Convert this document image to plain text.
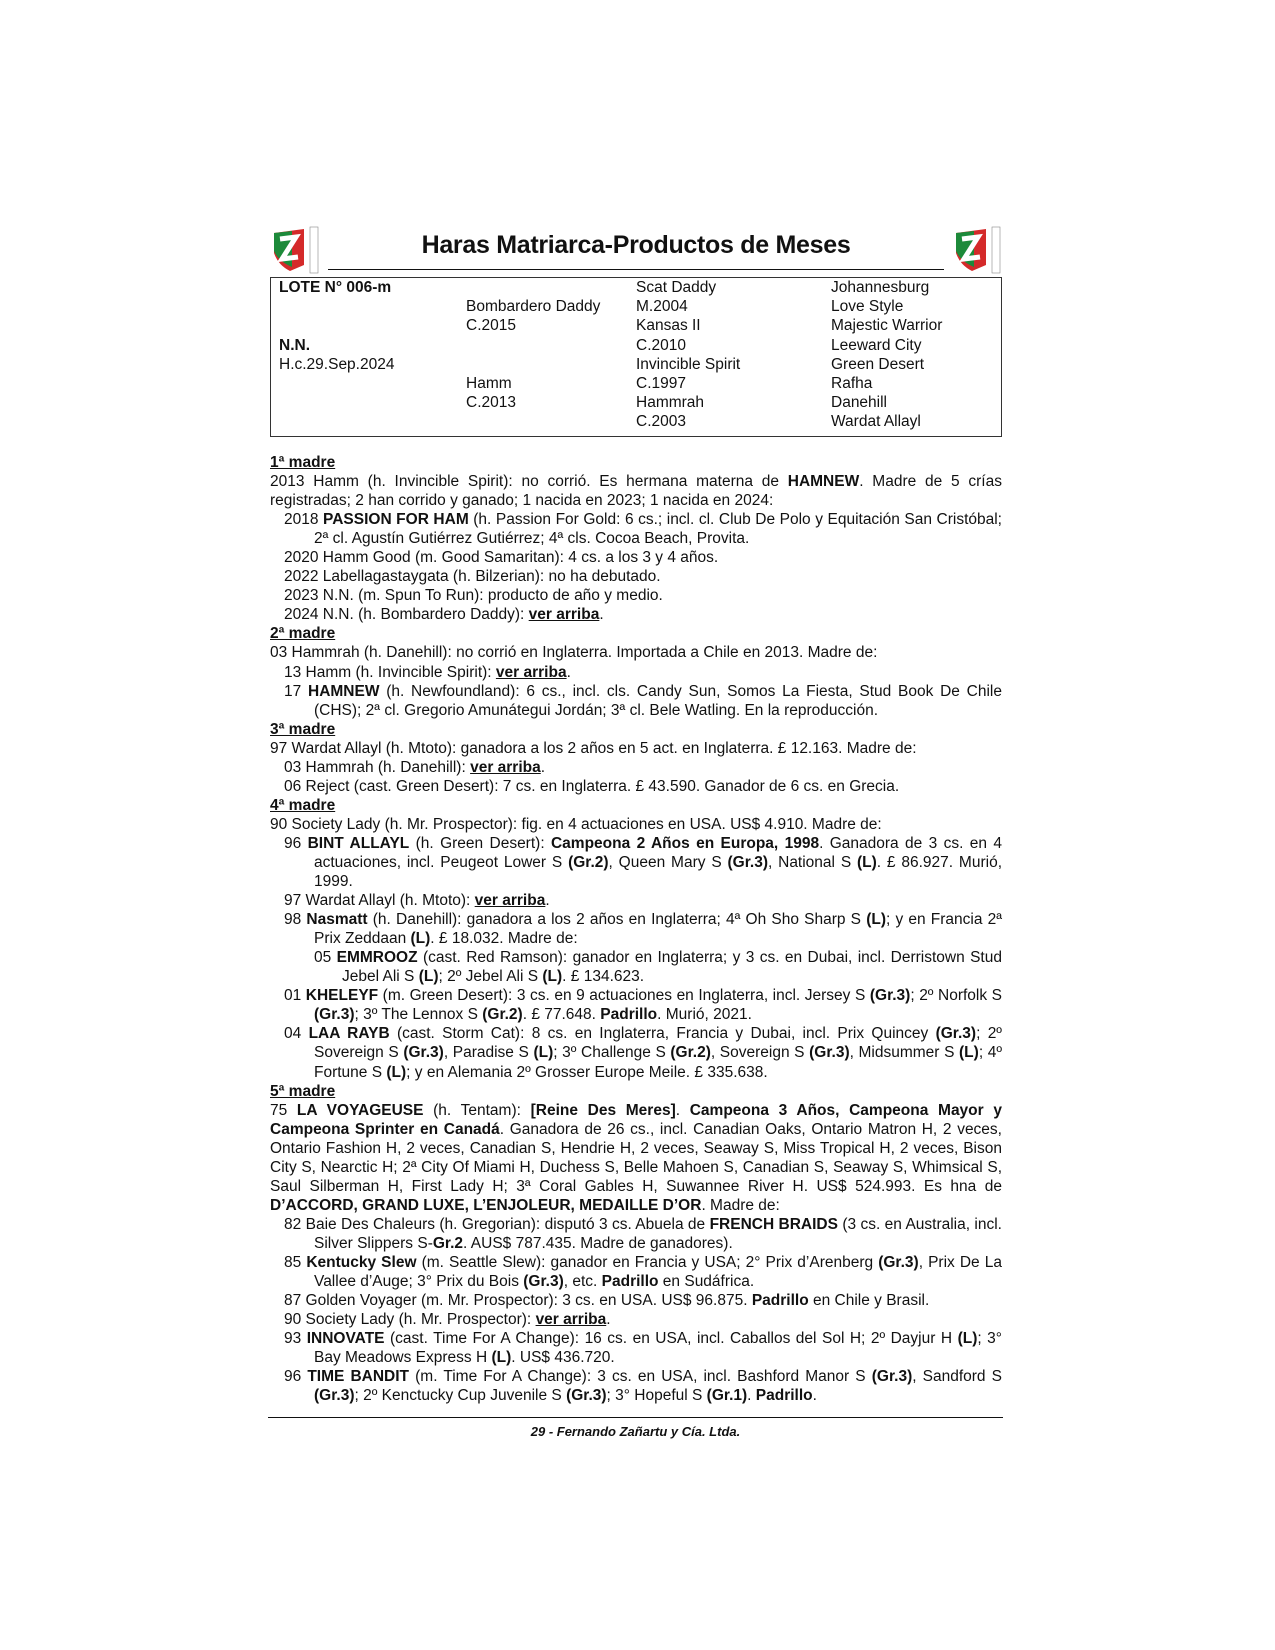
Haras Matriarca-Productos de Meses
LOTE N° 006-m
N.N.
H.c.29.Sep.2024
Bombardero Daddy
C.2015
Hamm
C.2013
Scat Daddy
M.2004
Kansas II
C.2010
Invincible Spirit
C.1997
Hammrah
C.2003
Johannesburg
Love Style
Majestic Warrior
Leeward City
Green Desert
Rafha
Danehill
Wardat Allayl

1ª madre

2013 Hamm (h. Invincible Spirit): no corrió. Es hermana materna de HAMNEW. Madre de 5 crías registradas; 2 han corrido y ganado; 1 nacida en 2023; 1 nacida en 2024:

2018 PASSION FOR HAM (h. Passion For Gold: 6 cs.; incl. cl. Club De Polo y Equitación San Cristóbal; 2ª cl. Agustín Gutiérrez Gutiérrez; 4ª cls. Cocoa Beach, Provita.

2020 Hamm Good (m. Good Samaritan): 4 cs. a los 3 y 4 años.

2022 Labellagastaygata (h. Bilzerian): no ha debutado.

2023 N.N. (m. Spun To Run): producto de año y medio.

2024 N.N. (h. Bombardero Daddy): ver arriba.

2ª madre

03 Hammrah (h. Danehill): no corrió en Inglaterra. Importada a Chile en 2013. Madre de:

13 Hamm (h. Invincible Spirit): ver arriba.

17 HAMNEW (h. Newfoundland): 6 cs., incl. cls. Candy Sun, Somos La Fiesta, Stud Book De Chile (CHS); 2ª cl. Gregorio Amunátegui Jordán; 3ª cl. Bele Watling. En la reproducción.

3ª madre

97 Wardat Allayl (h. Mtoto): ganadora a los 2 años en 5 act. en Inglaterra. £ 12.163. Madre de:

03 Hammrah (h. Danehill): ver arriba.

06 Reject (cast. Green Desert): 7 cs. en Inglaterra. £ 43.590. Ganador de 6 cs. en Grecia.

4ª madre

90 Society Lady (h. Mr. Prospector): fig. en 4 actuaciones en USA. US$ 4.910. Madre de:

96 BINT ALLAYL (h. Green Desert): Campeona 2 Años en Europa, 1998. Ganadora de 3 cs. en 4 actuaciones, incl. Peugeot Lower S (Gr.2), Queen Mary S (Gr.3), National S (L). £ 86.927. Murió, 1999.

97 Wardat Allayl (h. Mtoto): ver arriba.

98 Nasmatt (h. Danehill): ganadora a los 2 años en Inglaterra; 4ª Oh Sho Sharp S (L); y en Francia 2ª Prix Zeddaan (L). £ 18.032. Madre de:

05 EMMROOZ (cast. Red Ramson): ganador en Inglaterra; y 3 cs. en Dubai, incl. Derristown Stud Jebel Ali S (L); 2º Jebel Ali S (L). £ 134.623.

01 KHELEYF (m. Green Desert): 3 cs. en 9 actuaciones en Inglaterra, incl. Jersey S (Gr.3); 2º Norfolk S (Gr.3); 3º The Lennox S (Gr.2). £ 77.648. Padrillo. Murió, 2021.

04 LAA RAYB (cast. Storm Cat): 8 cs. en Inglaterra, Francia y Dubai, incl. Prix Quincey (Gr.3); 2º Sovereign S (Gr.3), Paradise S (L); 3º Challenge S (Gr.2), Sovereign S (Gr.3), Midsummer S (L); 4º Fortune S (L); y en Alemania 2º Grosser Europe Meile. £ 335.638.

5ª madre

75 LA VOYAGEUSE (h. Tentam): [Reine Des Meres]. Campeona 3 Años, Campeona Mayor y Campeona Sprinter en Canadá. Ganadora de 26 cs., incl. Canadian Oaks, Ontario Matron H, 2 veces, Ontario Fashion H, 2 veces, Canadian S, Hendrie H, 2 veces, Seaway S, Miss Tropical H, 2 veces, Bison City S, Nearctic H; 2ª City Of Miami H, Duchess S, Belle Mahoen S, Canadian S, Seaway S, Whimsical S, Saul Silberman H, First Lady H; 3ª Coral Gables H, Suwannee River H. US$ 524.993. Es hna de D’ACCORD, GRAND LUXE, L’ENJOLEUR, MEDAILLE D’OR. Madre de:

82 Baie Des Chaleurs (h. Gregorian): disputó 3 cs. Abuela de FRENCH BRAIDS (3 cs. en Australia, incl. Silver Slippers S-Gr.2. AUS$ 787.435. Madre de ganadores).

85 Kentucky Slew (m. Seattle Slew): ganador en Francia y USA; 2° Prix d’Arenberg (Gr.3), Prix De La Vallee d’Auge; 3° Prix du Bois (Gr.3), etc. Padrillo en Sudáfrica.

87 Golden Voyager (m. Mr. Prospector): 3 cs. en USA. US$ 96.875. Padrillo en Chile y Brasil.

90 Society Lady (h. Mr. Prospector): ver arriba.

93 INNOVATE (cast. Time For A Change): 16 cs. en USA, incl. Caballos del Sol H; 2º Dayjur H (L); 3° Bay Meadows Express H (L). US$ 436.720.

96 TIME BANDIT (m. Time For A Change): 3 cs. en USA, incl. Bashford Manor S (Gr.3), Sandford S (Gr.3); 2º Kenctucky Cup Juvenile S (Gr.3); 3° Hopeful S (Gr.1). Padrillo.

29 - Fernando Zañartu y Cía. Ltda.
